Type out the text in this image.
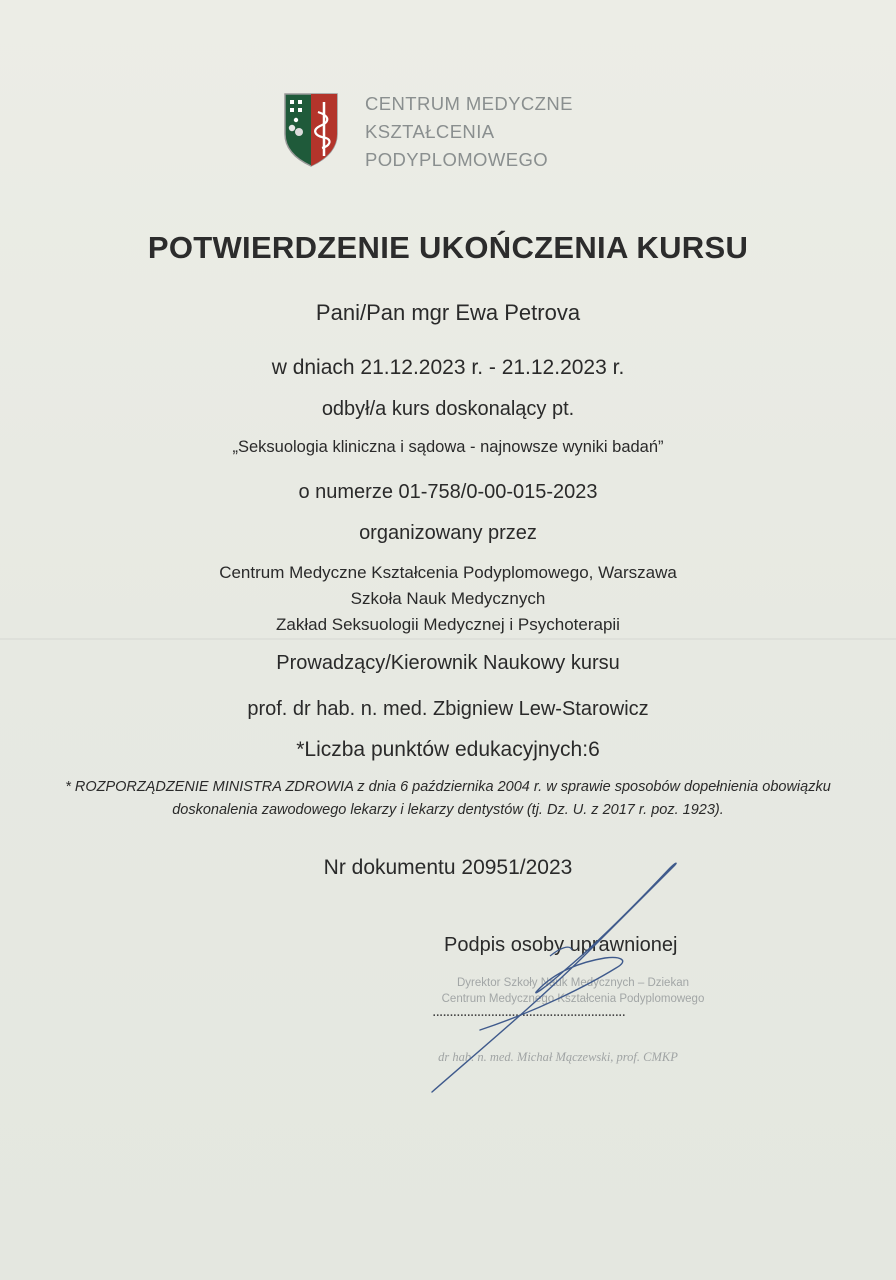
CENTRUM MEDYCZNE
KSZTAŁCENIA
PODYPLOMOWEGO
POTWIERDZENIE UKOŃCZENIA KURSU
Pani/Pan mgr Ewa Petrova
w dniach 21.12.2023 r. - 21.12.2023 r.
odbył/a kurs doskonalący pt.
„Seksuologia kliniczna i sądowa - najnowsze wyniki badań”
o numerze 01-758/0-00-015-2023
organizowany przez
Centrum Medyczne Kształcenia Podyplomowego, Warszawa
Szkoła Nauk Medycznych
Zakład Seksuologii Medycznej i Psychoterapii
Prowadzący/Kierownik Naukowy kursu
prof. dr hab. n. med. Zbigniew Lew-Starowicz
*Liczba punktów edukacyjnych:6
* ROZPORZĄDZENIE MINISTRA ZDROWIA z dnia 6 października 2004 r. w sprawie sposobów dopełnienia obowiązku doskonalenia zawodowego lekarzy i lekarzy dentystów (tj. Dz. U. z 2017 r. poz. 1923).
Nr dokumentu 20951/2023
Podpis osoby uprawnionej
Dyrektor Szkoły Nauk Medycznych – Dziekan
Centrum Medycznego Kształcenia Podyplomowego
........................................................
dr hab. n. med. Michał Mączewski, prof. CMKP
